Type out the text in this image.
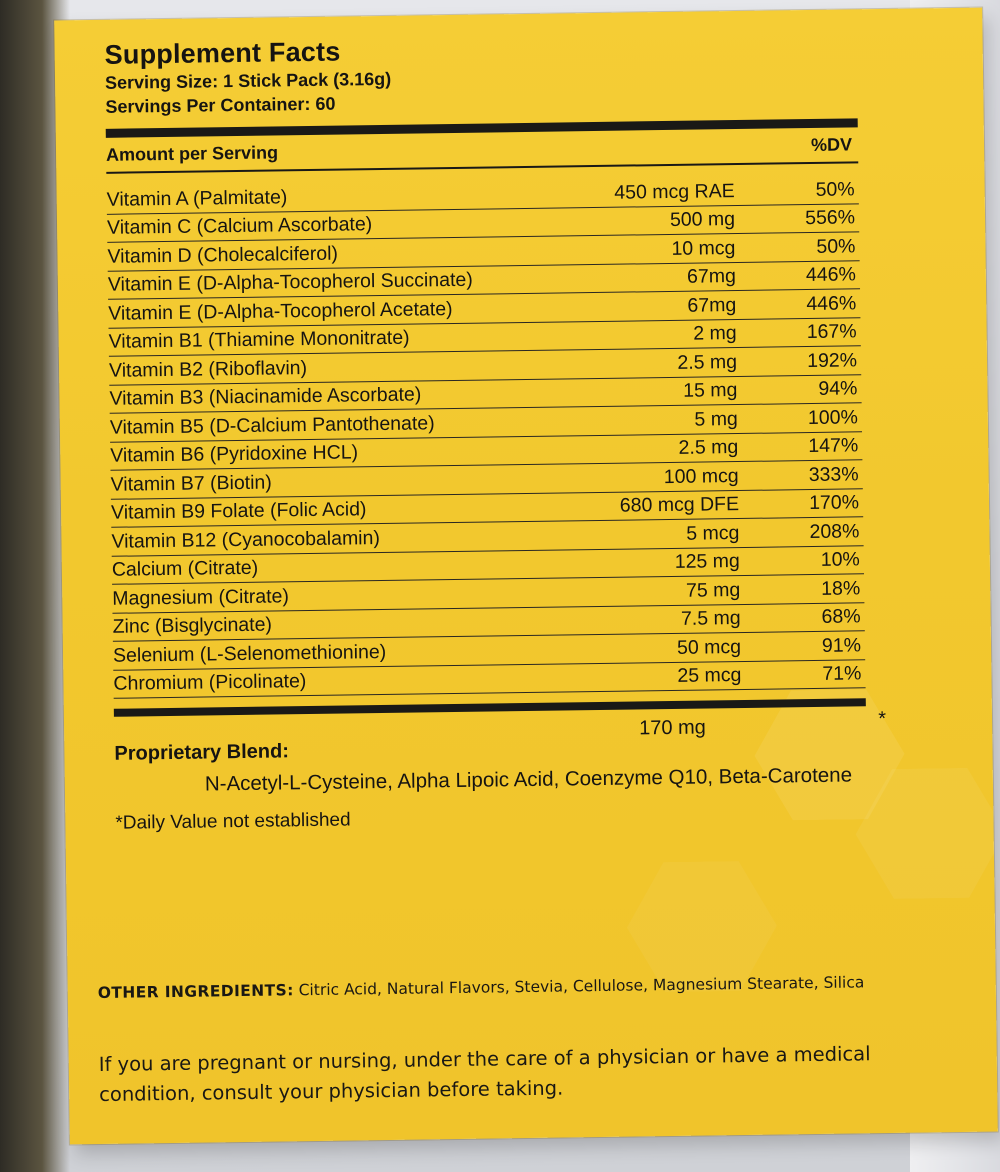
Supplement Facts
Serving Size: 1 Stick Pack (3.16g)
Servings Per Container: 60
Amount per Serving	%DV
Vitamin A (Palmitate)	450 mcg RAE	50%
Vitamin C (Calcium Ascorbate)	500 mg	556%
Vitamin D (Cholecalciferol)	10 mcg	50%
Vitamin E (D-Alpha-Tocopherol Succinate)	67mg	446%
Vitamin E (D-Alpha-Tocopherol Acetate)	67mg	446%
Vitamin B1 (Thiamine Mononitrate)	2 mg	167%
Vitamin B2 (Riboflavin)	2.5 mg	192%
Vitamin B3 (Niacinamide Ascorbate)	15 mg	94%
Vitamin B5 (D-Calcium Pantothenate)	5 mg	100%
Vitamin B6 (Pyridoxine HCL)	2.5 mg	147%
Vitamin B7 (Biotin)	100 mcg	333%
Vitamin B9 Folate (Folic Acid)	680 mcg DFE	170%
Vitamin B12 (Cyanocobalamin)	5 mcg	208%
Calcium (Citrate)	125 mg	10%
Magnesium (Citrate)	75 mg	18%
Zinc (Bisglycinate)	7.5 mg	68%
Selenium (L-Selenomethionine)	50 mcg	91%
Chromium (Picolinate)	25 mcg	71%
Proprietary Blend:
170 mg	*
N-Acetyl-L-Cysteine, Alpha Lipoic Acid, Coenzyme Q10, Beta-Carotene
*Daily Value not established
OTHER INGREDIENTS: Citric Acid, Natural Flavors, Stevia, Cellulose, Magnesium Stearate, Silica
If you are pregnant or nursing, under the care of a physician or have a medical condition, consult your physician before taking.
